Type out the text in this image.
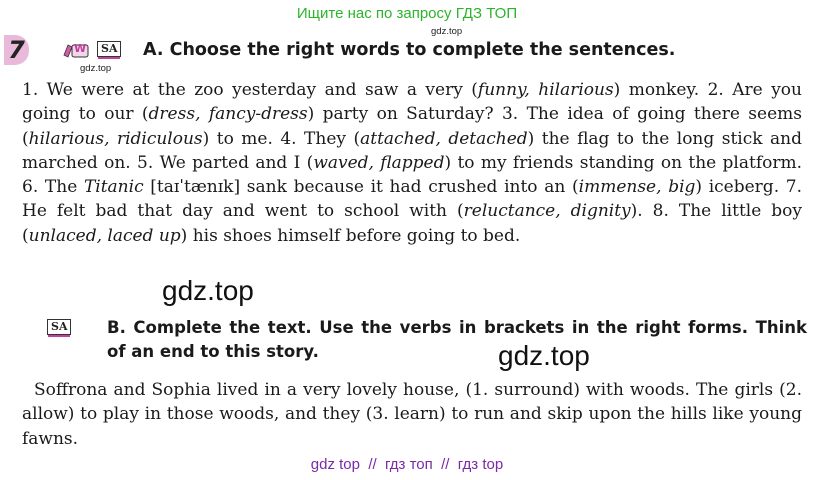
Ищите нас по запросу ГДЗ ТОП
gdz.top
7	W	SA A. Choose the right words to complete the sentences.
gdz.top
1. We were at the zoo yesterday and saw a very (funny, hilarious) monkey. 2. Are you going to our (dress, fancy-dress) party on Saturday? 3. The idea of going there seems (hilarious, ridiculous) to me. 4. They (attached, detached) the flag to the long stick and marched on. 5. We parted and I (waved, flapped) to my friends standing on the platform. 6. The Titanic [taɪˈtænɪk] sank because it had crushed into an (immense, big) iceberg. 7. He felt bad that day and went to school with (reluctance, dignity). 8. The little boy (unlaced, laced up) his shoes himself before going to bed.
gdz.top
SA B. Complete the text. Use the verbs in brackets in the right forms. Think of an end to this story.	gdz.top
Soffrona and Sophia lived in a very lovely house, (1. surround) with woods. The girls (2. allow) to play in those woods, and they (3. learn) to run and skip upon the hills like young fawns.
gdz top  //  гдз топ  //  гдз top
